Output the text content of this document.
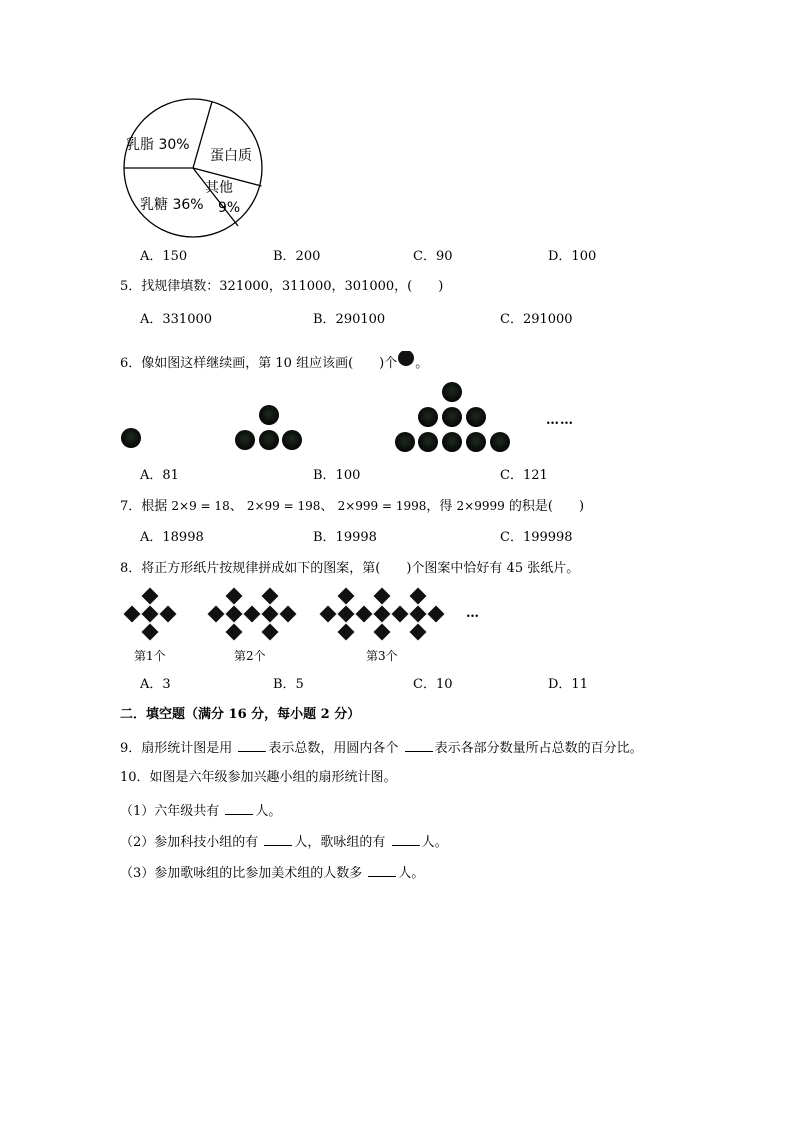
乳脂 30%
蛋白质
其他
9%
乳糖 36%
A．150	B．200	C．90	D．100
5．找规律填数：321000，311000，301000，(　　)
A．331000	B．290100	C．291000
6．像如图这样继续画，第 10 组应该画(　　)个 。
……
A．81	B．100	C．121
7．根据 2×9 = 18、 2×99 = 198、 2×999 = 1998，得 2×9999 的积是(　　)
A．18998	B．19998	C．199998
8．将正方形纸片按规律拼成如下的图案，第(　　)个图案中恰好有 45 张纸片。
…
第1个	第2个	第3个
A．3	B．5	C．10	D．11
二．填空题（满分 16 分，每小题 2 分）
9．扇形统计图是用	表示总数，用圆内各个	表示各部分数量所占总数的百分比。
10．如图是六年级参加兴趣小组的扇形统计图。
（1）六年级共有	人。
（2）参加科技小组的有	人，歌咏组的有	人。
（3）参加歌咏组的比参加美术组的人数多	人。
